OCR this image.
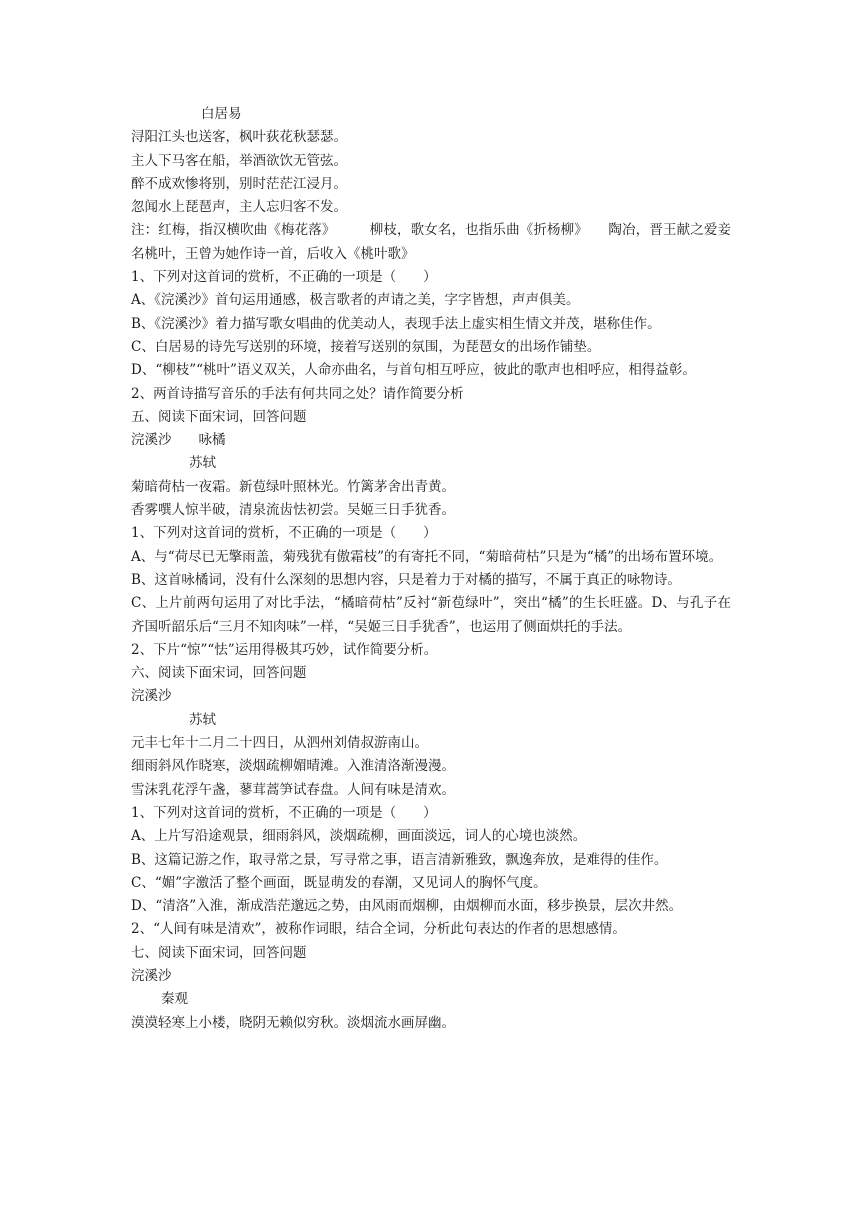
白居易
浔阳江头也送客，枫叶荻花秋瑟瑟。
主人下马客在船，举酒欲饮无管弦。
醉不成欢惨将别，别时茫茫江浸月。
忽闻水上琵琶声，主人忘归客不发。
注：红梅，指汉横吹曲《梅花落》　　　柳枝，歌女名，也指乐曲《折杨柳》　　陶冶，晋王献之爱妾名桃叶，王曾为她作诗一首，后收入《桃叶歌》
1、下列对这首词的赏析，不正确的一项是（　　）
A、《浣溪沙》首句运用通感，极言歌者的声请之美，字字皆想，声声俱美。
B、《浣溪沙》着力描写歌女唱曲的优美动人，表现手法上虚实相生情文并茂，堪称佳作。
C、白居易的诗先写送别的环境，接着写送别的氛围，为琵琶女的出场作铺垫。
D、“柳枝”“桃叶”语义双关，人命亦曲名，与首句相互呼应，彼此的歌声也相呼应，相得益彰。
2、两首诗描写音乐的手法有何共同之处？请作简要分析
五、阅读下面宋词，回答问题
浣溪沙　　咏橘
苏轼
菊暗荷枯一夜霜。新苞绿叶照林光。竹篱茅舍出青黄。
香雾噀人惊半破，清泉流齿怯初尝。吴姬三日手犹香。
1、下列对这首词的赏析，不正确的一项是（　　）
A、与“荷尽已无擎雨盖，菊残犹有傲霜枝”的有寄托不同，“菊暗荷枯”只是为“橘”的出场布置环境。
B、这首咏橘词，没有什么深刻的思想内容，只是着力于对橘的描写，不属于真正的咏物诗。
C、上片前两句运用了对比手法，“橘暗荷枯”反衬“新苞绿叶”，突出“橘”的生长旺盛。D、与孔子在齐国听韶乐后“三月不知肉味”一样，“吴姬三日手犹香”，也运用了侧面烘托的手法。
2、下片“惊”“怯”运用得极其巧妙，试作简要分析。
六、阅读下面宋词，回答问题
浣溪沙
苏轼
元丰七年十二月二十四日，从泗州刘倩叔游南山。
细雨斜风作晓寒，淡烟疏柳媚晴滩。入淮清洛渐漫漫。
雪沫乳花浮午盏，蓼茸蒿笋试春盘。人间有味是清欢。
1、下列对这首词的赏析，不正确的一项是（　　）
A、上片写沿途观景，细雨斜风，淡烟疏柳，画面淡远，词人的心境也淡然。
B、这篇记游之作，取寻常之景，写寻常之事，语言清新雅致，飘逸奔放，是难得的佳作。
C、“媚”字激活了整个画面，既显萌发的春潮，又见词人的胸怀气度。
D、“清洛”入淮，渐成浩茫邈远之势，由风雨而烟柳，由烟柳而水面，移步换景，层次井然。
2、“人间有味是清欢”，被称作词眼，结合全词，分析此句表达的作者的思想感情。
七、阅读下面宋词，回答问题
浣溪沙
秦观
漠漠轻寒上小楼，晓阴无赖似穷秋。淡烟流水画屏幽。
